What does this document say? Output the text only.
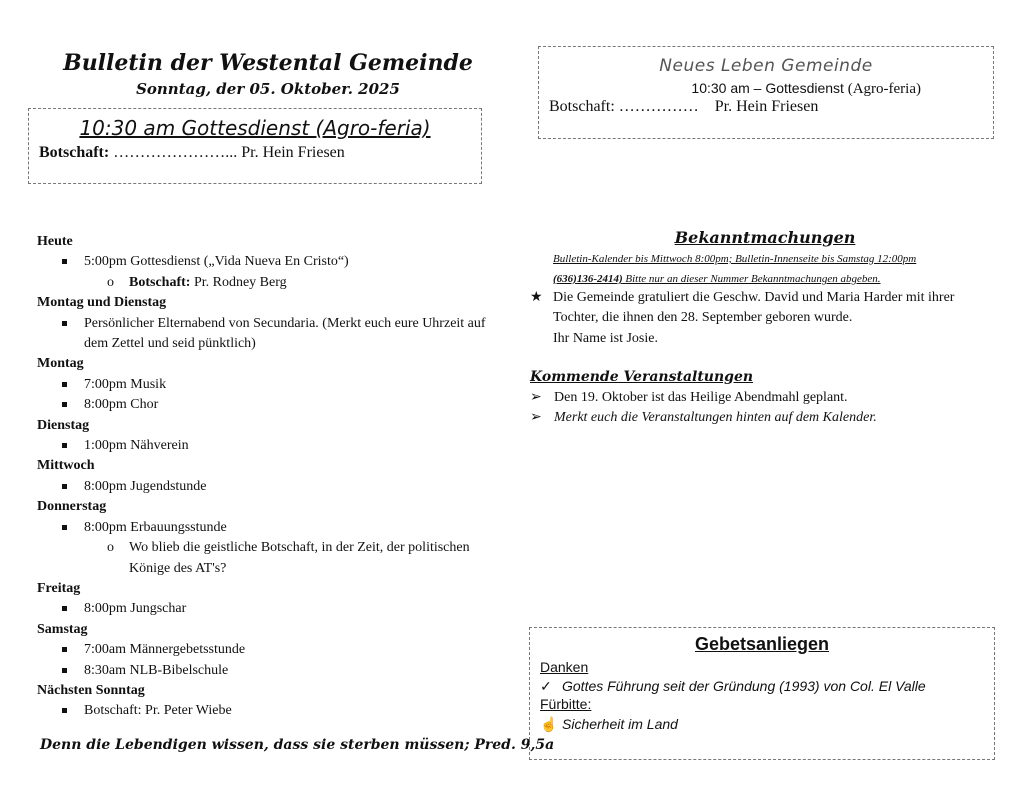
Bulletin der Westental Gemeinde
Sonntag, der 05. Oktober. 2025
10:30 am Gottesdienst (Agro-feria)
Botschaft: …………………... Pr. Hein Friesen
Neues Leben Gemeinde
10:30 am – Gottesdienst (Agro-feria)
Botschaft: …………… Pr. Hein Friesen
Heute
5:00pm Gottesdienst („Vida Nueva En Cristo“)
o Botschaft: Pr. Rodney Berg
Montag und Dienstag
Persönlicher Elternabend von Secundaria. (Merkt euch eure Uhrzeit auf dem Zettel und seid pünktlich)
Montag
7:00pm Musik
8:00pm Chor
Dienstag
1:00pm Nähverein
Mittwoch
8:00pm Jugendstunde
Donnerstag
8:00pm Erbauungsstunde
o Wo blieb die geistliche Botschaft, in der Zeit, der politischen Könige des AT's?
Freitag
8:00pm Jungschar
Samstag
7:00am Männergebetsstunde
8:30am NLB-Bibelschule
Nächsten Sonntag
Botschaft: Pr. Peter Wiebe
Denn die Lebendigen wissen, dass sie sterben müssen; Pred. 9,5a
Bekanntmachungen
Bulletin-Kalender bis Mittwoch 8:00pm; Bulletin-Innenseite bis Samstag 12:00pm
(636)136-2414) Bitte nur an dieser Nummer Bekanntmachungen abgeben.
★ Die Gemeinde gratuliert die Geschw. David und Maria Harder mit ihrer Tochter, die ihnen den 28. September geboren wurde.
Ihr Name ist Josie.
Kommende Veranstaltungen
➢ Den 19. Oktober ist das Heilige Abendmahl geplant.
➢ Merkt euch die Veranstaltungen hinten auf dem Kalender.
Gebetsanliegen
Danken
✓ Gottes Führung seit der Gründung (1993) von Col. El Valle
Fürbitte:
☝ Sicherheit im Land
